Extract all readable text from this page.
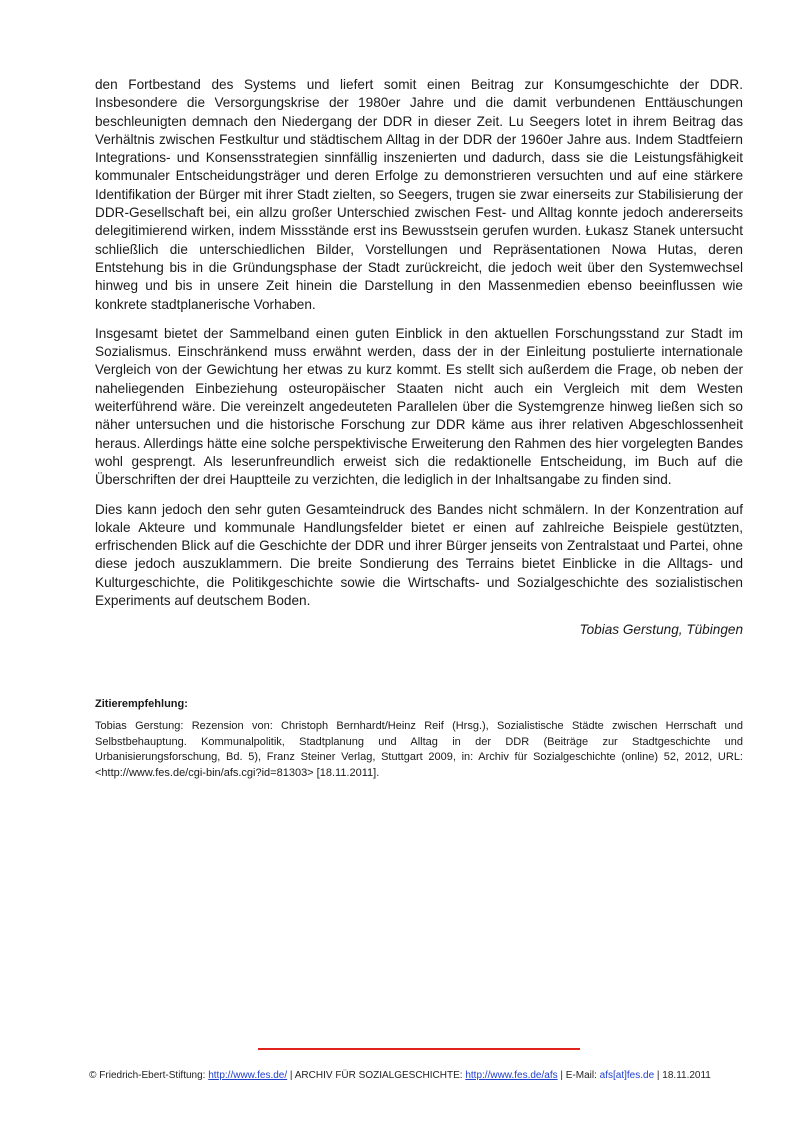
den Fortbestand des Systems und liefert somit einen Beitrag zur Konsumgeschichte der DDR. Insbesondere die Versorgungskrise der 1980er Jahre und die damit verbundenen Enttäuschungen beschleunigten demnach den Niedergang der DDR in dieser Zeit. Lu Seegers lotet in ihrem Beitrag das Verhältnis zwischen Festkultur und städtischem Alltag in der DDR der 1960er Jahre aus. Indem Stadtfeiern Integrations- und Konsensstrategien sinnfällig inszenierten und dadurch, dass sie die Leistungsfähigkeit kommunaler Entscheidungsträger und deren Erfolge zu demonstrieren versuchten und auf eine stärkere Identifikation der Bürger mit ihrer Stadt zielten, so Seegers, trugen sie zwar einerseits zur Stabilisierung der DDR-Gesellschaft bei, ein allzu großer Unterschied zwischen Fest- und Alltag konnte jedoch andererseits delegitimierend wirken, indem Missstände erst ins Bewusstsein gerufen wurden. Łukasz Stanek untersucht schließlich die unterschiedlichen Bilder, Vorstellungen und Repräsentationen Nowa Hutas, deren Entstehung bis in die Gründungsphase der Stadt zurückreicht, die jedoch weit über den Systemwechsel hinweg und bis in unsere Zeit hinein die Darstellung in den Massenmedien ebenso beeinflussen wie konkrete stadtplanerische Vorhaben.

Insgesamt bietet der Sammelband einen guten Einblick in den aktuellen Forschungsstand zur Stadt im Sozialismus. Einschränkend muss erwähnt werden, dass der in der Einleitung postulierte internationale Vergleich von der Gewichtung her etwas zu kurz kommt. Es stellt sich außerdem die Frage, ob neben der naheliegenden Einbeziehung osteuropäischer Staaten nicht auch ein Vergleich mit dem Westen weiterführend wäre. Die vereinzelt angedeuteten Parallelen über die Systemgrenze hinweg ließen sich so näher untersuchen und die historische Forschung zur DDR käme aus ihrer relativen Abgeschlossenheit heraus. Allerdings hätte eine solche perspektivische Erweiterung den Rahmen des hier vorgelegten Bandes wohl gesprengt. Als leserunfreundlich erweist sich die redaktionelle Entscheidung, im Buch auf die Überschriften der drei Hauptteile zu verzichten, die lediglich in der Inhaltsangabe zu finden sind.

Dies kann jedoch den sehr guten Gesamteindruck des Bandes nicht schmälern. In der Konzentration auf lokale Akteure und kommunale Handlungsfelder bietet er einen auf zahlreiche Beispiele gestützten, erfrischenden Blick auf die Geschichte der DDR und ihrer Bürger jenseits von Zentralstaat und Partei, ohne diese jedoch auszuklammern. Die breite Sondierung des Terrains bietet Einblicke in die Alltags- und Kulturgeschichte, die Politikgeschichte sowie die Wirtschafts- und Sozialgeschichte des sozialistischen Experiments auf deutschem Boden.

Tobias Gerstung, Tübingen

Zitierempfehlung:

Tobias Gerstung: Rezension von: Christoph Bernhardt/Heinz Reif (Hrsg.), Sozialistische Städte zwischen Herrschaft und Selbstbehauptung. Kommunalpolitik, Stadtplanung und Alltag in der DDR (Beiträge zur Stadtgeschichte und Urbanisierungsforschung, Bd. 5), Franz Steiner Verlag, Stuttgart 2009, in: Archiv für Sozialgeschichte (online) 52, 2012, URL: <http://www.fes.de/cgi-bin/afs.cgi?id=81303> [18.11.2011].

© Friedrich-Ebert-Stiftung: http://www.fes.de/ | ARCHIV FÜR SOZIALGESCHICHTE: http://www.fes.de/afs | E-Mail: afs[at]fes.de | 18.11.2011
